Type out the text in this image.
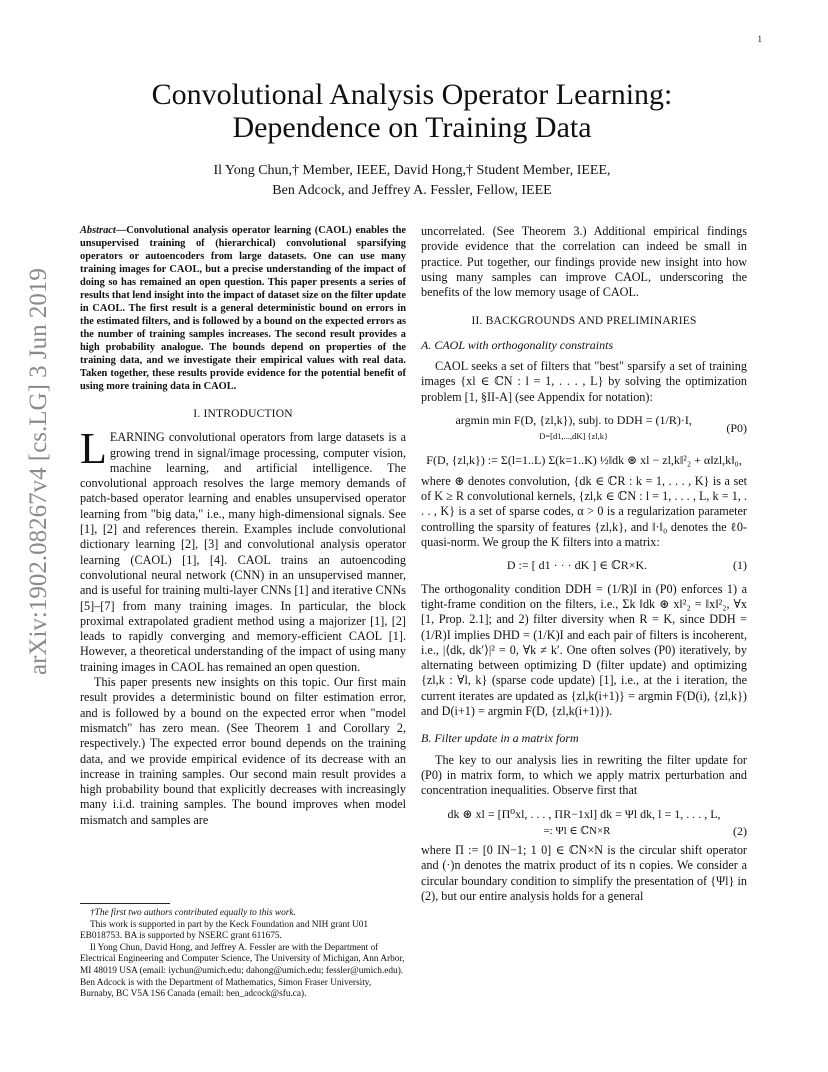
1
arXiv:1902.08267v4 [cs.LG] 3 Jun 2019
Convolutional Analysis Operator Learning:
Dependence on Training Data
Il Yong Chun,† Member, IEEE, David Hong,† Student Member, IEEE,
Ben Adcock, and Jeffrey A. Fessler, Fellow, IEEE
Abstract—Convolutional analysis operator learning (CAOL) enables the unsupervised training of (hierarchical) convolutional sparsifying operators or autoencoders from large datasets. One can use many training images for CAOL, but a precise understanding of the impact of doing so has remained an open question. This paper presents a series of results that lend insight into the impact of dataset size on the filter update in CAOL. The first result is a general deterministic bound on errors in the estimated filters, and is followed by a bound on the expected errors as the number of training samples increases. The second result provides a high probability analogue. The bounds depend on properties of the training data, and we investigate their empirical values with real data. Taken together, these results provide evidence for the potential benefit of using more training data in CAOL.
I. INTRODUCTION

LEARNING convolutional operators from large datasets is a growing trend in signal/image processing, computer vision, machine learning, and artificial intelligence. The convolutional approach resolves the large memory demands of patch-based operator learning and enables unsupervised operator learning from "big data," i.e., many high-dimensional signals. See [1], [2] and references therein. Examples include convolutional dictionary learning [2], [3] and convolutional analysis operator learning (CAOL) [1], [4]. CAOL trains an autoencoding convolutional neural network (CNN) in an unsupervised manner, and is useful for training multi-layer CNNs [1] and iterative CNNs [5]–[7] from many training images. In particular, the block proximal extrapolated gradient method using a majorizer [1], [2] leads to rapidly converging and memory-efficient CAOL [1]. However, a theoretical understanding of the impact of using many training images in CAOL has remained an open question.

This paper presents new insights on this topic. Our first main result provides a deterministic bound on filter estimation error, and is followed by a bound on the expected error when "model mismatch" has zero mean. (See Theorem 1 and Corollary 2, respectively.) The expected error bound depends on the training data, and we provide empirical evidence of its decrease with an increase in training samples. Our second main result provides a high probability bound that explicitly decreases with increasingly many i.i.d. training samples. The bound improves when model mismatch and samples are

uncorrelated. (See Theorem 3.) Additional empirical findings provide evidence that the correlation can indeed be small in practice. Put together, our findings provide new insight into how using many samples can improve CAOL, underscoring the benefits of the low memory usage of CAOL.

II. BACKGROUNDS AND PRELIMINARIES
A. CAOL with orthogonality constraints

CAOL seeks a set of filters that "best" sparsify a set of training images {xl ∈ ℂN : l = 1, . . . , L} by solving the optimization problem [1, §II-A] (see Appendix for notation):

argmin min F(D, {zl,k}), subj. to DDH = (1/R)·I,
D=[d1,...,dK] {zl,k}
(P0)
F(D, {zl,k}) := Σ(l=1..L) Σ(k=1..K) ½‖dk ⊛ xl − zl,k‖²₂ + α‖zl,k‖₀,

where ⊛ denotes convolution, {dk ∈ ℂR : k = 1, . . . , K} is a set of K ≥ R convolutional kernels, {zl,k ∈ ℂN : l = 1, . . . , L, k = 1, . . . , K} is a set of sparse codes, α > 0 is a regularization parameter controlling the sparsity of features {zl,k}, and ‖·‖₀ denotes the ℓ0-quasi-norm. We group the K filters into a matrix:

D := [ d1 · · · dK ] ∈ ℂR×K.	(1)

The orthogonality condition DDH = (1/R)I in (P0) enforces 1) a tight-frame condition on the filters, i.e., Σk ‖dk ⊛ x‖²₂ = ‖x‖²₂, ∀x [1, Prop. 2.1]; and 2) filter diversity when R = K, since DDH = (1/R)I implies DHD = (1/K)I and each pair of filters is incoherent, i.e., |⟨dk, dk′⟩|² = 0, ∀k ≠ k′. One often solves (P0) iteratively, by alternating between optimizing D (filter update) and optimizing {zl,k : ∀l, k} (sparse code update) [1], i.e., at the i iteration, the current iterates are updated as {zl,k(i+1)} = argmin F(D(i), {zl,k}) and D(i+1) = argmin F(D, {zl,k(i+1)}).

B. Filter update in a matrix form

The key to our analysis lies in rewriting the filter update for (P0) in matrix form, to which we apply matrix perturbation and concentration inequalities. Observe first that

dk ⊛ xl = [Π⁰xl, . . . , ΠR−1xl] dk = Ψl dk, l = 1, . . . , L,
=: Ψl ∈ ℂN×R	(2)

where Π := [0 IN−1; 1 0] ∈ ℂN×N is the circular shift operator and (·)n denotes the matrix product of its n copies. We consider a circular boundary condition to simplify the presentation of {Ψl} in (2), but our entire analysis holds for a general

†The first two authors contributed equally to this work.

This work is supported in part by the Keck Foundation and NIH grant U01 EB018753. BA is supported by NSERC grant 611675.

Il Yong Chun, David Hong, and Jeffrey A. Fessler are with the Department of Electrical Engineering and Computer Science, The University of Michigan, Ann Arbor, MI 48019 USA (email: iychun@umich.edu; dahong@umich.edu; fessler@umich.edu). Ben Adcock is with the Department of Mathematics, Simon Fraser University, Burnaby, BC V5A 1S6 Canada (email: ben_adcock@sfu.ca).
